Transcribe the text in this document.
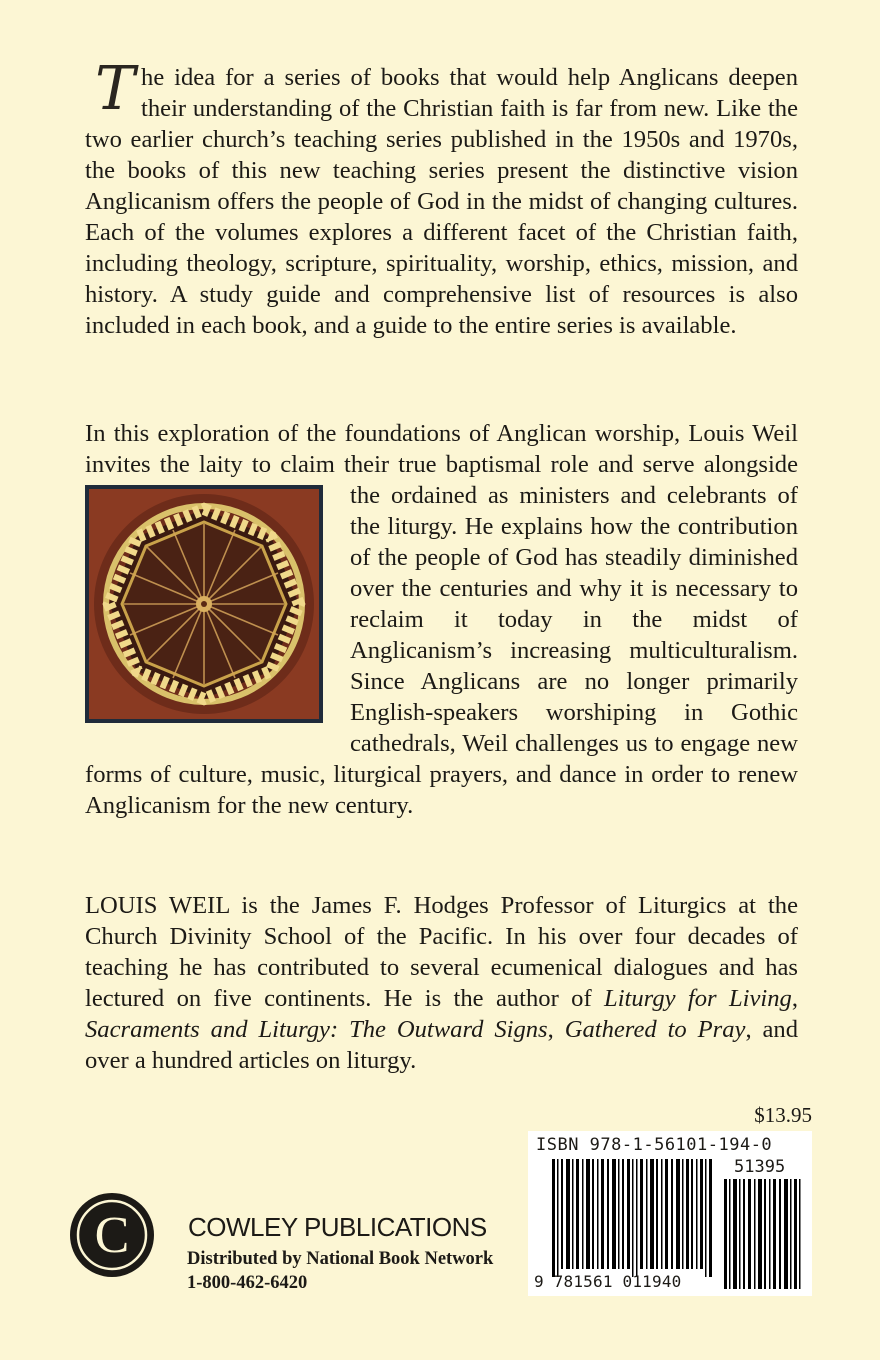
The idea for a series of books that would help Anglicans deepen their understanding of the Christian faith is far from new. Like the two earlier church’s teaching series published in the 1950s and 1970s, the books of this new teaching series present the distinctive vision Anglicanism offers the people of God in the midst of changing cultures. Each of the volumes explores a different facet of the Christian faith, including theology, scripture, spirituality, worship, ethics, mission, and history. A study guide and comprehensive list of resources is also included in each book, and a guide to the entire series is available.

In this exploration of the foundations of Anglican worship, Louis Weil invites the laity to claim their true baptismal role and serve alongside the ordained as ministers and celebrants of the liturgy. He explains how the contribution of the people of God has steadily diminished over the centuries and why it is necessary to reclaim it today in the midst of Anglicanism’s increasing multiculturalism. Since Anglicans are no longer primarily English-speakers worshiping in Gothic cathedrals, Weil challenges us to engage new forms of culture, music, liturgical prayers, and dance in order to renew Anglicanism for the new century.

LOUIS WEIL is the James F. Hodges Professor of Liturgics at the Church Divinity School of the Pacific. In his over four decades of teaching he has contributed to several ecumenical dialogues and has lectured on five continents. He is the author of Liturgy for Living, Sacraments and Liturgy: The Outward Signs, Gathered to Pray, and over a hundred articles on liturgy.

$13.95
ISBN 978-1-56101-194-0
51395
9 781561 011940
C COWLEY PUBLICATIONS
Distributed by National Book Network
1-800-462-6420
